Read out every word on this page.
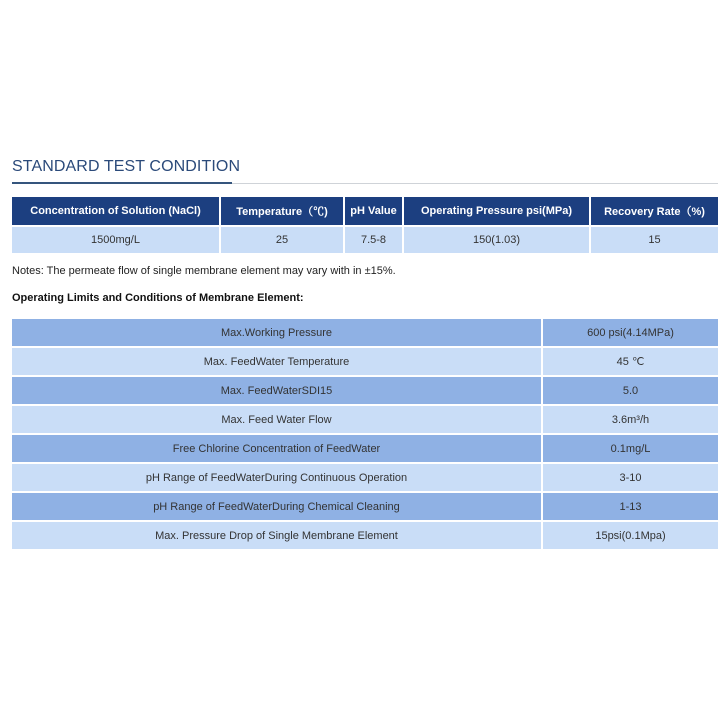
STANDARD TEST CONDITION
Concentration of Solution (NaCl)	Temperature（℃)	pH Value	Operating Pressure psi(MPa)	Recovery Rate（%)
1500mg/L	25	7.5-8	150(1.03)	15
Notes: The permeate flow of single membrane element may vary with in ±15%.
Operating Limits and Conditions of Membrane Element:
Max.Working Pressure	600 psi(4.14MPa)
Max. FeedWater Temperature	45 ℃
Max. FeedWaterSDI15	5.0
Max. Feed Water Flow	3.6m³/h
Free Chlorine Concentration of FeedWater	0.1mg/L
pH Range of FeedWaterDuring Continuous Operation	3-10
pH Range of FeedWaterDuring Chemical Cleaning	1-13
Max. Pressure Drop of Single Membrane Element	15psi(0.1Mpa)
